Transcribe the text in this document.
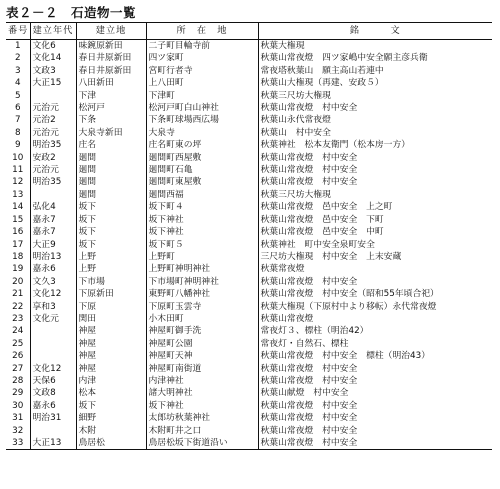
表２－２　石造物一覧
番号	建立年代	建立地	所　在　地	銘　　　文
1	文化6	味鋺原新田	二子町目輪寺前	秋葉大権現
2	文化14	春日井原新田	四ツ家町	秋葉山常夜燈　四ツ家嶋中安全願主彦兵衛
3	文政3	春日井原新田	宮町行者寺	常夜塔秋葉山　願主高山若連中
4	大正15	八田新田	上八田町	秋葉山大権現（再建、安政５）
5		下津	下津町	秋葉三尺坊大権現
6	元治元	松河戸	松河戸町白山神社	秋葉山常夜燈　村中安全
7	元治2	下条	下条町球場西広場	秋葉山永代常夜燈
8	元治元	大泉寺新田	大泉寺	秋葉山　村中安全
9	明治35	庄名	庄名町東の坪	秋葉神社　松本友衛門（松本房一方）
10	安政2	廻間	廻間町西屋敷	秋葉山常夜燈　村中安全
11	元治元	廻間	廻間町石亀	秋葉山常夜燈　村中安全
12	明治35	廻間	廻間町東屋敷	秋葉山常夜燈　村中安全
13		廻間	廻間西福	秋葉三尺坊大権現
14	弘化4	坂下	坂下町４	秋葉山常夜燈　邑中安全　上之町
15	嘉永7	坂下	坂下神社	秋葉山常夜燈　邑中安全　下町
16	嘉永7	坂下	坂下神社	秋葉山常夜燈　邑中安全　中町
17	大正9	坂下	坂下町５	秋葉神社　町中安全泉町安全
18	明治13	上野	上野町	三尺坊大権現　村中安全　上末安蔵
19	嘉永6	上野	上野町神明神社	秋葉常夜燈
20	文久3	下市場	下市場町神明神社	秋葉山常夜燈　村中安全
21	文化12	下原新田	東野町八幡神社	秋葉山常夜燈　村中安全（昭和55年頃合祀）
22	享和3	下原	下原町玉雲寺	秋葉大権現（下原村中より移転）永代常夜燈
23	文化元	関田	小木田町	秋葉山常夜燈
24		神屋	神屋町御手洗	常夜灯３、標柱（明治42）
25		神屋	神屋町公園	常夜灯・自然石、標柱
26		神屋	神屋町天神	秋葉山常夜燈　村中安全　標柱（明治43）
27	文化12	神屋	神屋町南街道	秋葉山常夜燈　村中安全
28	天保6	内津	内津神社	秋葉山常夜燈　村中安全
29	文政8	松本	諸大明神社	秋葉山献燈　村中安全
30	嘉永6	坂下	坂下神社	秋葉山常夜燈　村中安全
31	明治31	細野	太郎坊秋葉神社	秋葉山常夜燈　村中安全
32		木附	木附町井之口	秋葉山常夜燈　村中安全
33	大正13	鳥居松	鳥居松坂下街道沿い	秋葉山常夜燈　村中安全
